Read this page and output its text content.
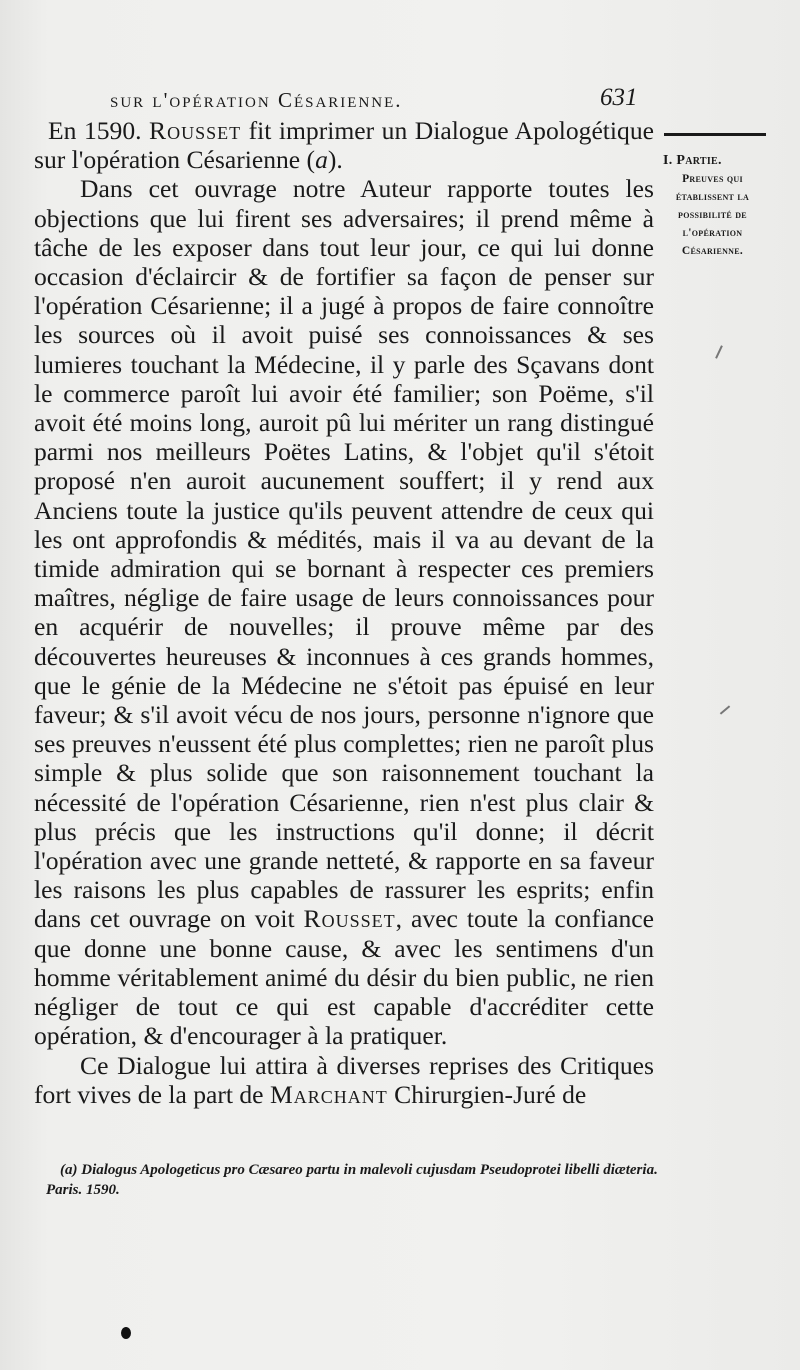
sur l'opération Césarienne.	631
I. Partie.
Preuves qui établissent la possibilité de l'opération Césarienne.

En 1590. Rousset fit imprimer un Dialogue Apologétique sur l'opération Césarienne (a).

Dans cet ouvrage notre Auteur rapporte toutes les objections que lui firent ses adversaires; il prend même à tâche de les exposer dans tout leur jour, ce qui lui donne occasion d'éclaircir & de fortifier sa façon de penser sur l'opération Césarienne; il a jugé à propos de faire connoître les sources où il avoit puisé ses connoissances & ses lumieres touchant la Médecine, il y parle des Sçavans dont le commerce paroît lui avoir été familier; son Poëme, s'il avoit été moins long, auroit pû lui mériter un rang distingué parmi nos meilleurs Poëtes Latins, & l'objet qu'il s'étoit proposé n'en auroit aucunement souffert; il y rend aux Anciens toute la justice qu'ils peuvent attendre de ceux qui les ont approfondis & médités, mais il va au devant de la timide admiration qui se bornant à respecter ces premiers maîtres, néglige de faire usage de leurs connoissances pour en acquérir de nouvelles; il prouve même par des découvertes heureuses & inconnues à ces grands hommes, que le génie de la Médecine ne s'étoit pas épuisé en leur faveur; & s'il avoit vécu de nos jours, personne n'ignore que ses preuves n'eussent été plus complettes; rien ne paroît plus simple & plus solide que son raisonnement touchant la nécessité de l'opération Césarienne, rien n'est plus clair & plus précis que les instructions qu'il donne; il décrit l'opération avec une grande netteté, & rapporte en sa faveur les raisons les plus capables de rassurer les esprits; enfin dans cet ouvrage on voit Rousset, avec toute la confiance que donne une bonne cause, & avec les sentimens d'un homme véritablement animé du désir du bien public, ne rien négliger de tout ce qui est capable d'accréditer cette opération, & d'encourager à la pratiquer.

Ce Dialogue lui attira à diverses reprises des Critiques fort vives de la part de Marchant Chirurgien-Juré de

(a) Dialogus Apologeticus pro Cæsareo partu in malevoli cujusdam Pseudoprotei libelli diæteria. Paris. 1590.
